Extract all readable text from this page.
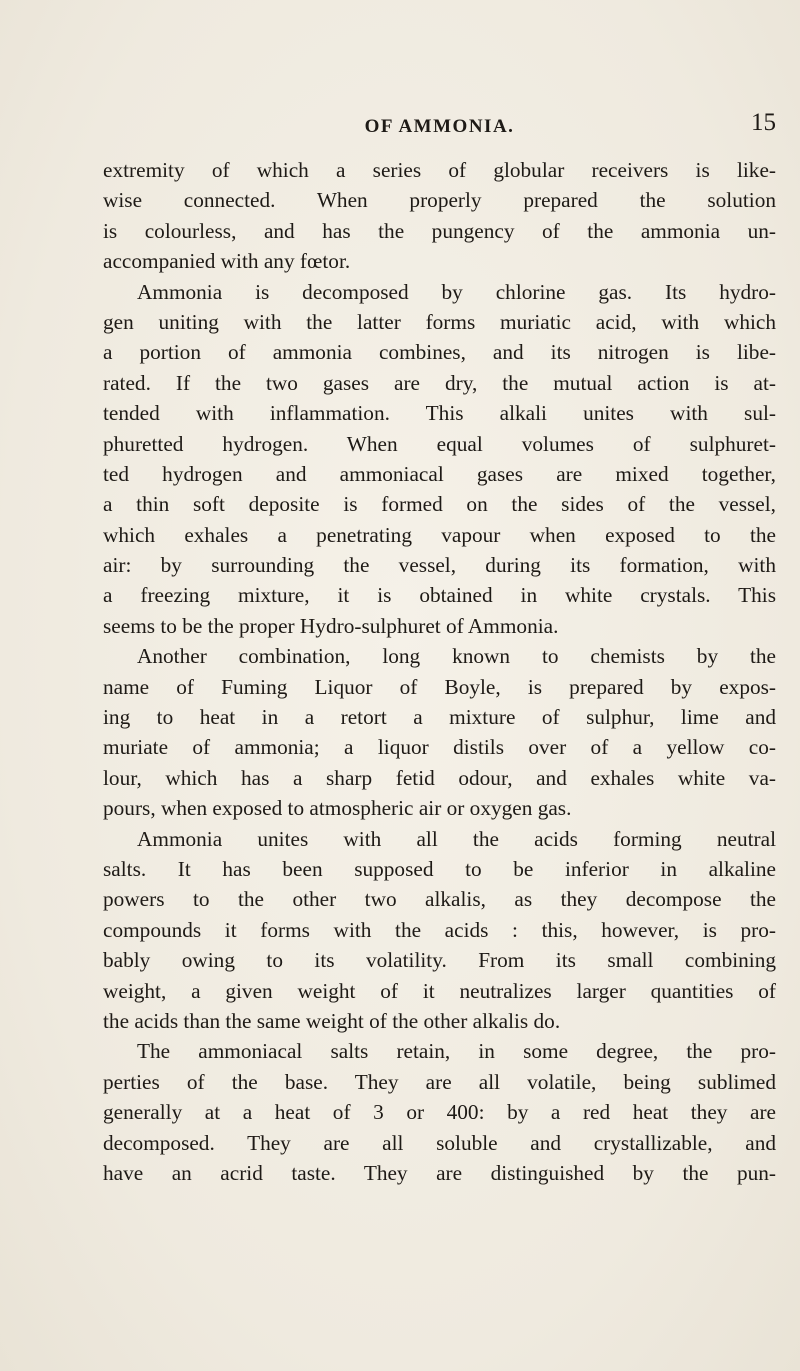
OF AMMONIA.	15
extremity of which a series of globular receivers is like-
wise connected. When properly prepared the solution
is colourless, and has the pungency of the ammonia un-
accompanied with any fœtor.
Ammonia is decomposed by chlorine gas. Its hydro-
gen uniting with the latter forms muriatic acid, with which
a portion of ammonia combines, and its nitrogen is libe-
rated. If the two gases are dry, the mutual action is at-
tended with inflammation. This alkali unites with sul-
phuretted hydrogen. When equal volumes of sulphuret-
ted hydrogen and ammoniacal gases are mixed together,
a thin soft deposite is formed on the sides of the vessel,
which exhales a penetrating vapour when exposed to the
air: by surrounding the vessel, during its formation, with
a freezing mixture, it is obtained in white crystals. This
seems to be the proper Hydro-sulphuret of Ammonia.
Another combination, long known to chemists by the
name of Fuming Liquor of Boyle, is prepared by expos-
ing to heat in a retort a mixture of sulphur, lime and
muriate of ammonia; a liquor distils over of a yellow co-
lour, which has a sharp fetid odour, and exhales white va-
pours, when exposed to atmospheric air or oxygen gas.
Ammonia unites with all the acids forming neutral
salts. It has been supposed to be inferior in alkaline
powers to the other two alkalis, as they decompose the
compounds it forms with the acids : this, however, is pro-
bably owing to its volatility. From its small combining
weight, a given weight of it neutralizes larger quantities of
the acids than the same weight of the other alkalis do.
The ammoniacal salts retain, in some degree, the pro-
perties of the base. They are all volatile, being sublimed
generally at a heat of 3 or 400: by a red heat they are
decomposed. They are all soluble and crystallizable, and
have an acrid taste. They are distinguished by the pun-
